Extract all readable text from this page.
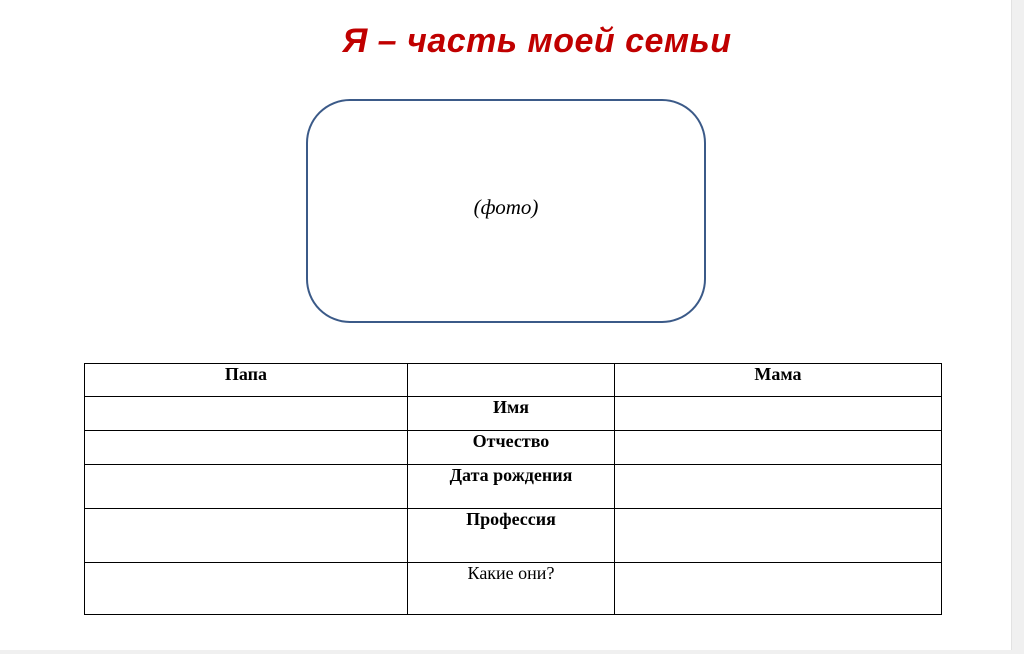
Я – часть моей семьи
(фото)
Папа		Мама
	Имя	
	Отчество	
	Дата рождения	
	Профессия	
	Какие они?	
